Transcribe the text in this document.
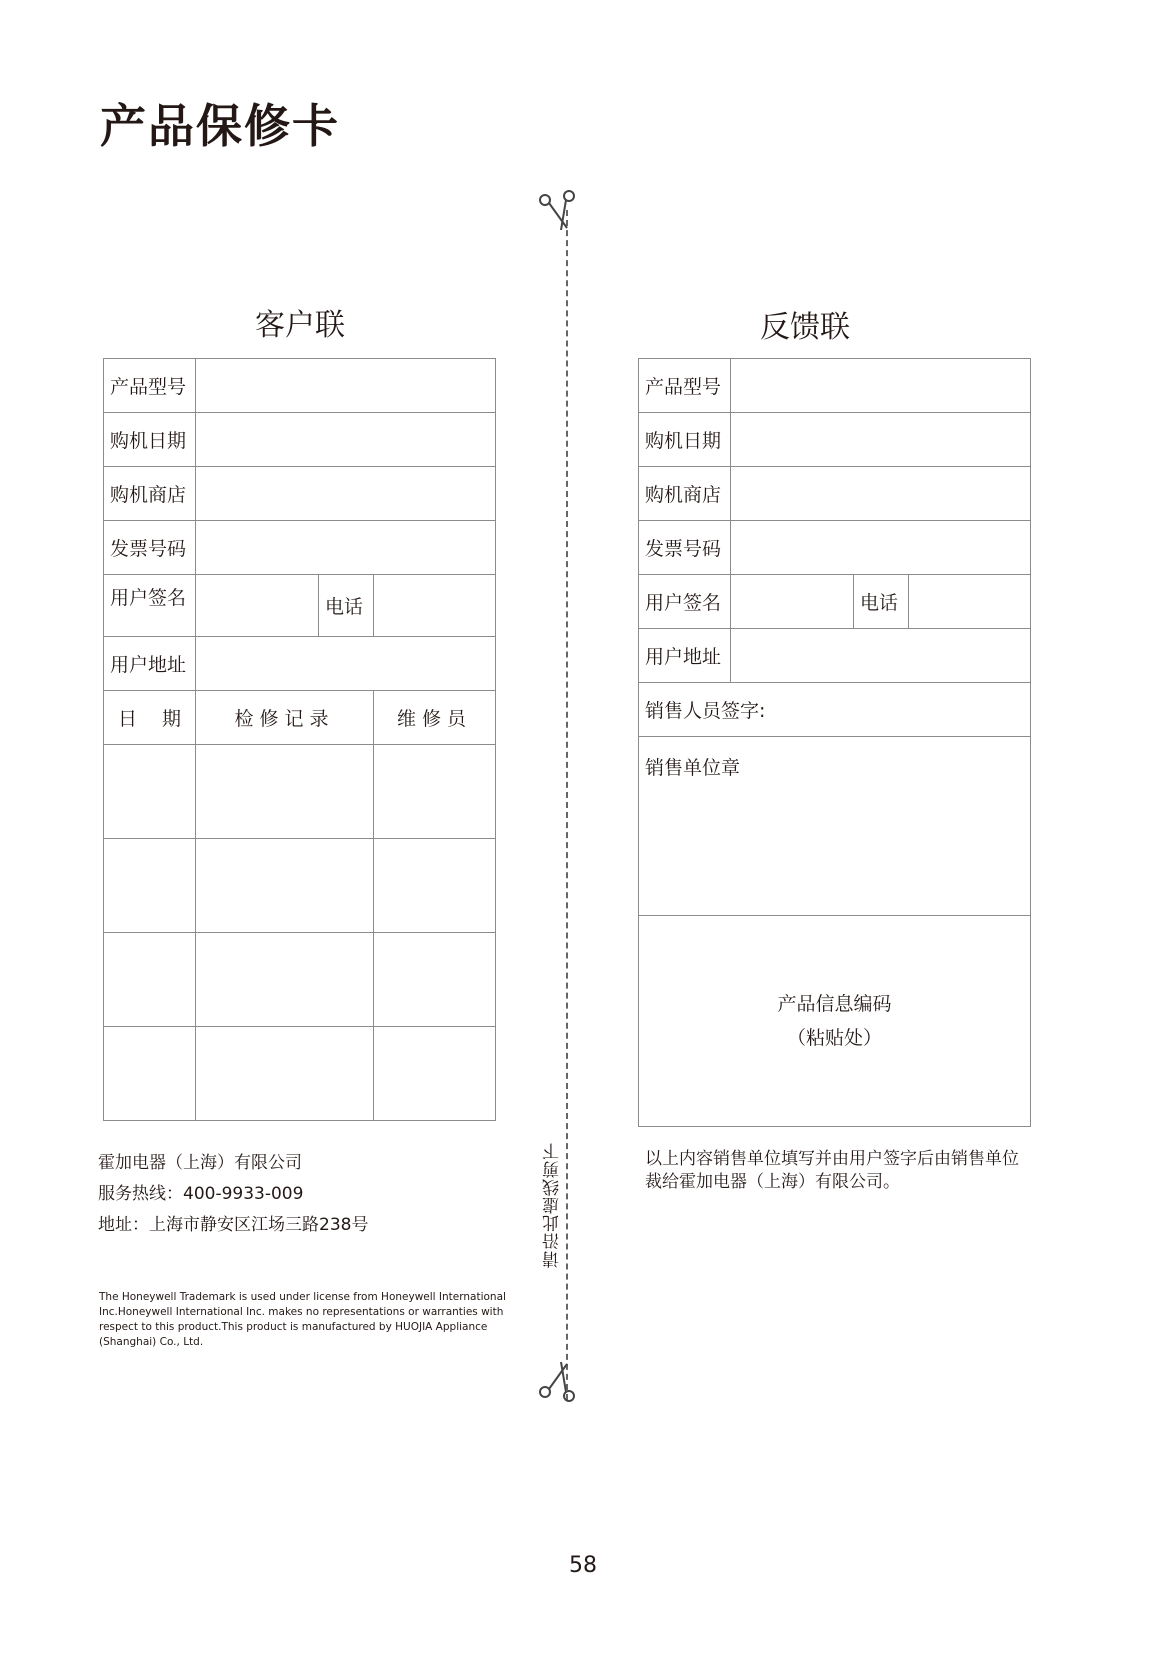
产品保修卡
客户联
产品型号			
购机日期			
购机商店			
发票号码			
用户签名		电话	
用户地址			
日　 期	检修记录		维修员

反馈联
产品型号			
购机日期			
购机商店			
发票号码			
用户签名		电话	
用户地址			
销售人员签字:			
销售单位章			

产品信息编码
（粘贴处）			
请沿此虚线剪下
霍加电器（上海）有限公司
服务热线：400-9933-009
地址：上海市静安区江场三路238号
以上内容销售单位填写并由用户签字后由销售单位裁给霍加电器（上海）有限公司。
The Honeywell Trademark is used under license from Honeywell International Inc.Honeywell International Inc. makes no representations or warranties with respect to this product.This product is manufactured by HUOJIA Appliance (Shanghai) Co., Ltd.
58
